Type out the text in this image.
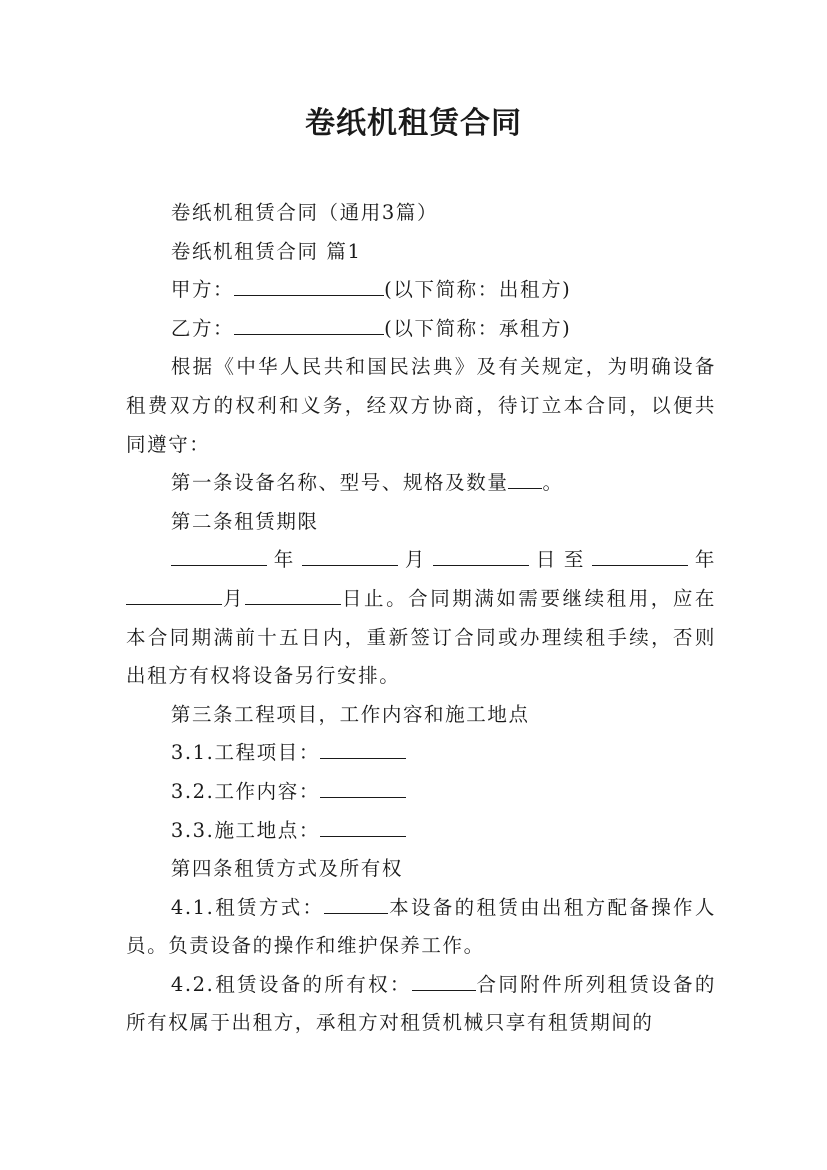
卷纸机租赁合同

卷纸机租赁合同（通用3篇）

卷纸机租赁合同 篇1

甲方：	(以下简称：出租方)

乙方：	(以下简称：承租方)

根据《中华人民共和国民法典》及有关规定，为明确设备租费双方的权利和义务，经双方协商，待订立本合同，以便共同遵守：

第一条设备名称、型号、规格及数量 。

第二条租赁期限

年	月	日至	年 月	日止。合同期满如需要继续租用，应在本合同期满前十五日内，重新签订合同或办理续租手续，否则出租方有权将设备另行安排。

第三条工程项目，工作内容和施工地点

3.1.工程项目：

3.2.工作内容：

3.3.施工地点：

第四条租赁方式及所有权

4.1.租赁方式：	本设备的租赁由出租方配备操作人员。负责设备的操作和维护保养工作。

4.2.租赁设备的所有权：	合同附件所列租赁设备的所有权属于出租方，承租方对租赁机械只享有租赁期间的
